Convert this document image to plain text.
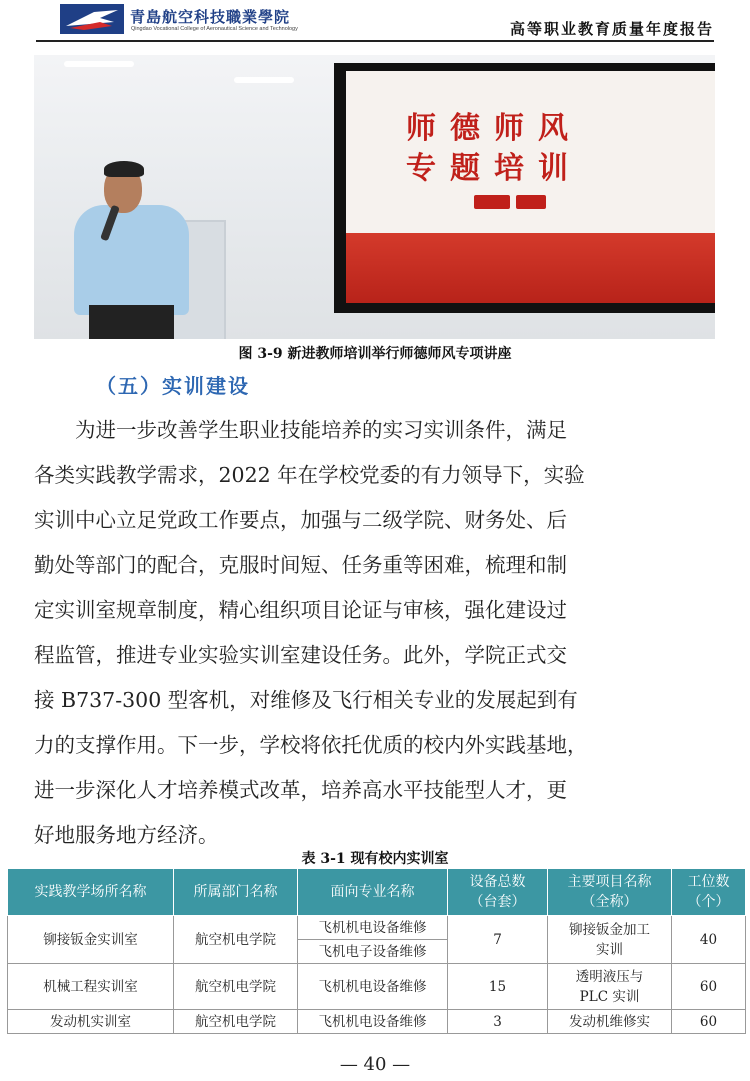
青島航空科技職業學院
Qingdao Vocational College of Aeronautical Science and Technology	高等职业教育质量年度报告
师德师风
专题培训
图 3-9 新进教师培训举行师德师风专项讲座
（五）实训建设
　　为进一步改善学生职业技能培养的实习实训条件，满足
各类实践教学需求，2022 年在学校党委的有力领导下，实验
实训中心立足党政工作要点，加强与二级学院、财务处、后
勤处等部门的配合，克服时间短、任务重等困难，梳理和制
定实训室规章制度，精心组织项目论证与审核，强化建设过
程监管，推进专业实验实训室建设任务。此外，学院正式交
接 B737-300 型客机，对维修及飞行相关专业的发展起到有
力的支撑作用。下一步，学校将依托优质的校内外实践基地，
进一步深化人才培养模式改革，培养高水平技能型人才，更
好地服务地方经济。
表 3-1 现有校内实训室
实践教学场所名称	所属部门名称	面向专业名称	设备总数（台套）	主要项目名称（全称）	工位数（个）
铆接钣金实训室	航空机电学院	飞机机电设备维修	7	铆接钣金加工实训	40
		飞机电子设备维修			
机械工程实训室	航空机电学院	飞机机电设备维修	15	透明液压与 PLC 实训	60
发动机实训室	航空机电学院	飞机机电设备维修	3	发动机维修实	60
— 40 —
